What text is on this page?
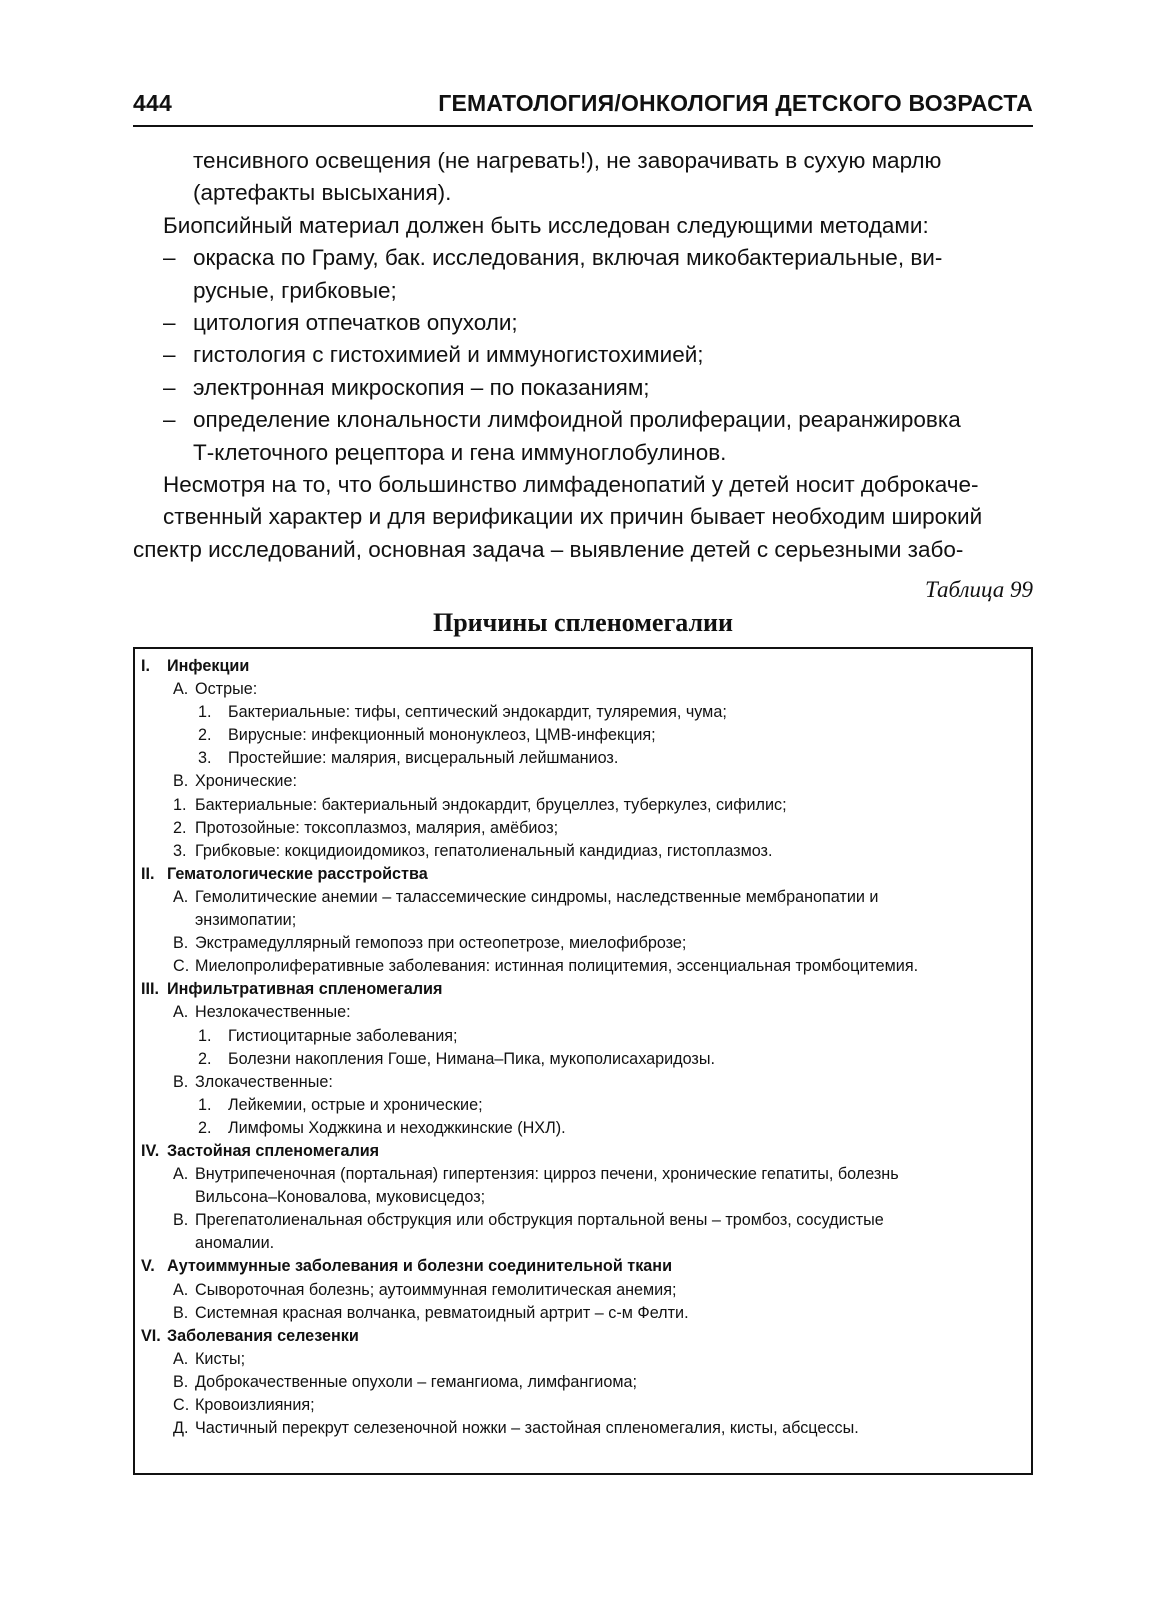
444	ГЕМАТОЛОГИЯ/ОНКОЛОГИЯ ДЕТСКОГО ВОЗРАСТА
тенсивного освещения (не нагревать!), не заворачивать в сухую марлю
(артефакты высыхания).
Биопсийный материал должен быть исследован следующими методами:
– окраска по Граму, бак. исследования, включая микобактериальные, ви-
русные, грибковые;
– цитология отпечатков опухоли;
– гистология с гистохимией и иммуногистохимией;
– электронная микроскопия – по показаниям;
– определение клональности лимфоидной пролиферации, реаранжировка
Т-клеточного рецептора и гена иммуноглобулинов.
Несмотря на то, что большинство лимфаденопатий у детей носит доброкаче-
ственный характер и для верификации их причин бывает необходим широкий
спектр исследований, основная задача – выявление детей с серьезными забо-
Таблица 99
Причины спленомегалии
I. Инфекции
A. Острые:
1. Бактериальные: тифы, септический эндокардит, туляремия, чума;
2. Вирусные: инфекционный мононуклеоз, ЦМВ-инфекция;
3. Простейшие: малярия, висцеральный лейшманиоз.
B. Хронические:
1. Бактериальные: бактериальный эндокардит, бруцеллез, туберкулез, сифилис;
2. Протозойные: токсоплазмоз, малярия, амёбиоз;
3. Грибковые: кокцидиоидомикоз, гепатолиенальный кандидиаз, гистоплазмоз.
II. Гематологические расстройства
A. Гемолитические анемии – талассемические синдромы, наследственные мембранопатии и
энзимопатии;
B. Экстрамедуллярный гемопоэз при остеопетрозе, миелофиброзе;
C. Миелопролиферативные заболевания: истинная полицитемия, эссенциальная тромбоцитемия.
III. Инфильтративная спленомегалия
A. Незлокачественные:
1. Гистиоцитарные заболевания;
2. Болезни накопления Гоше, Нимана–Пика, мукополисахаридозы.
B. Злокачественные:
1. Лейкемии, острые и хронические;
2. Лимфомы Ходжкина и неходжкинские (НХЛ).
IV. Застойная спленомегалия
A. Внутрипеченочная (портальная) гипертензия: цирроз печени, хронические гепатиты, болезнь
Вильсона–Коновалова, муковисцедоз;
B. Прегепатолиенальная обструкция или обструкция портальной вены – тромбоз, сосудистые
аномалии.
V. Аутоиммунные заболевания и болезни соединительной ткани
A. Сывороточная болезнь; аутоиммунная гемолитическая анемия;
B. Системная красная волчанка, ревматоидный артрит – с-м Фелти.
VI. Заболевания селезенки
A. Кисты;
B. Доброкачественные опухоли – гемангиома, лимфангиома;
C. Кровоизлияния;
Д. Частичный перекрут селезеночной ножки – застойная спленомегалия, кисты, абсцессы.
